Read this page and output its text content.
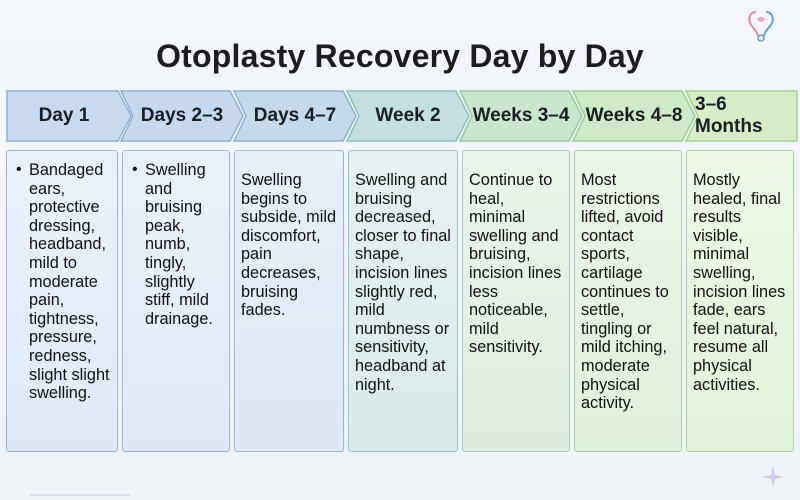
Otoplasty Recovery Day by Day
Day 1	Days 2–3 Days 4–7 Week 2 Weeks 3–4 Weeks 4–8
3–6 Months
• Bandaged ears, protective dressing, headband, mild to moderate pain, tightness, pressure, redness, slight slight swelling.
• Swelling and bruising peak, numb, tingly, slightly stiff, mild drainage.
Swelling begins to subside, mild discomfort, pain decreases, bruising fades.
Swelling and bruising decreased, closer to final shape, incision lines slightly red, mild numbness or sensitivity, headband at night.
Continue to heal, minimal swelling and bruising, incision lines less noticeable, mild sensitivity.
Most restrictions lifted, avoid contact sports, cartilage continues to settle, tingling or mild itching, moderate physical activity.
Mostly healed, final results visible, minimal swelling, incision lines fade, ears feel natural, resume all physical activities.
